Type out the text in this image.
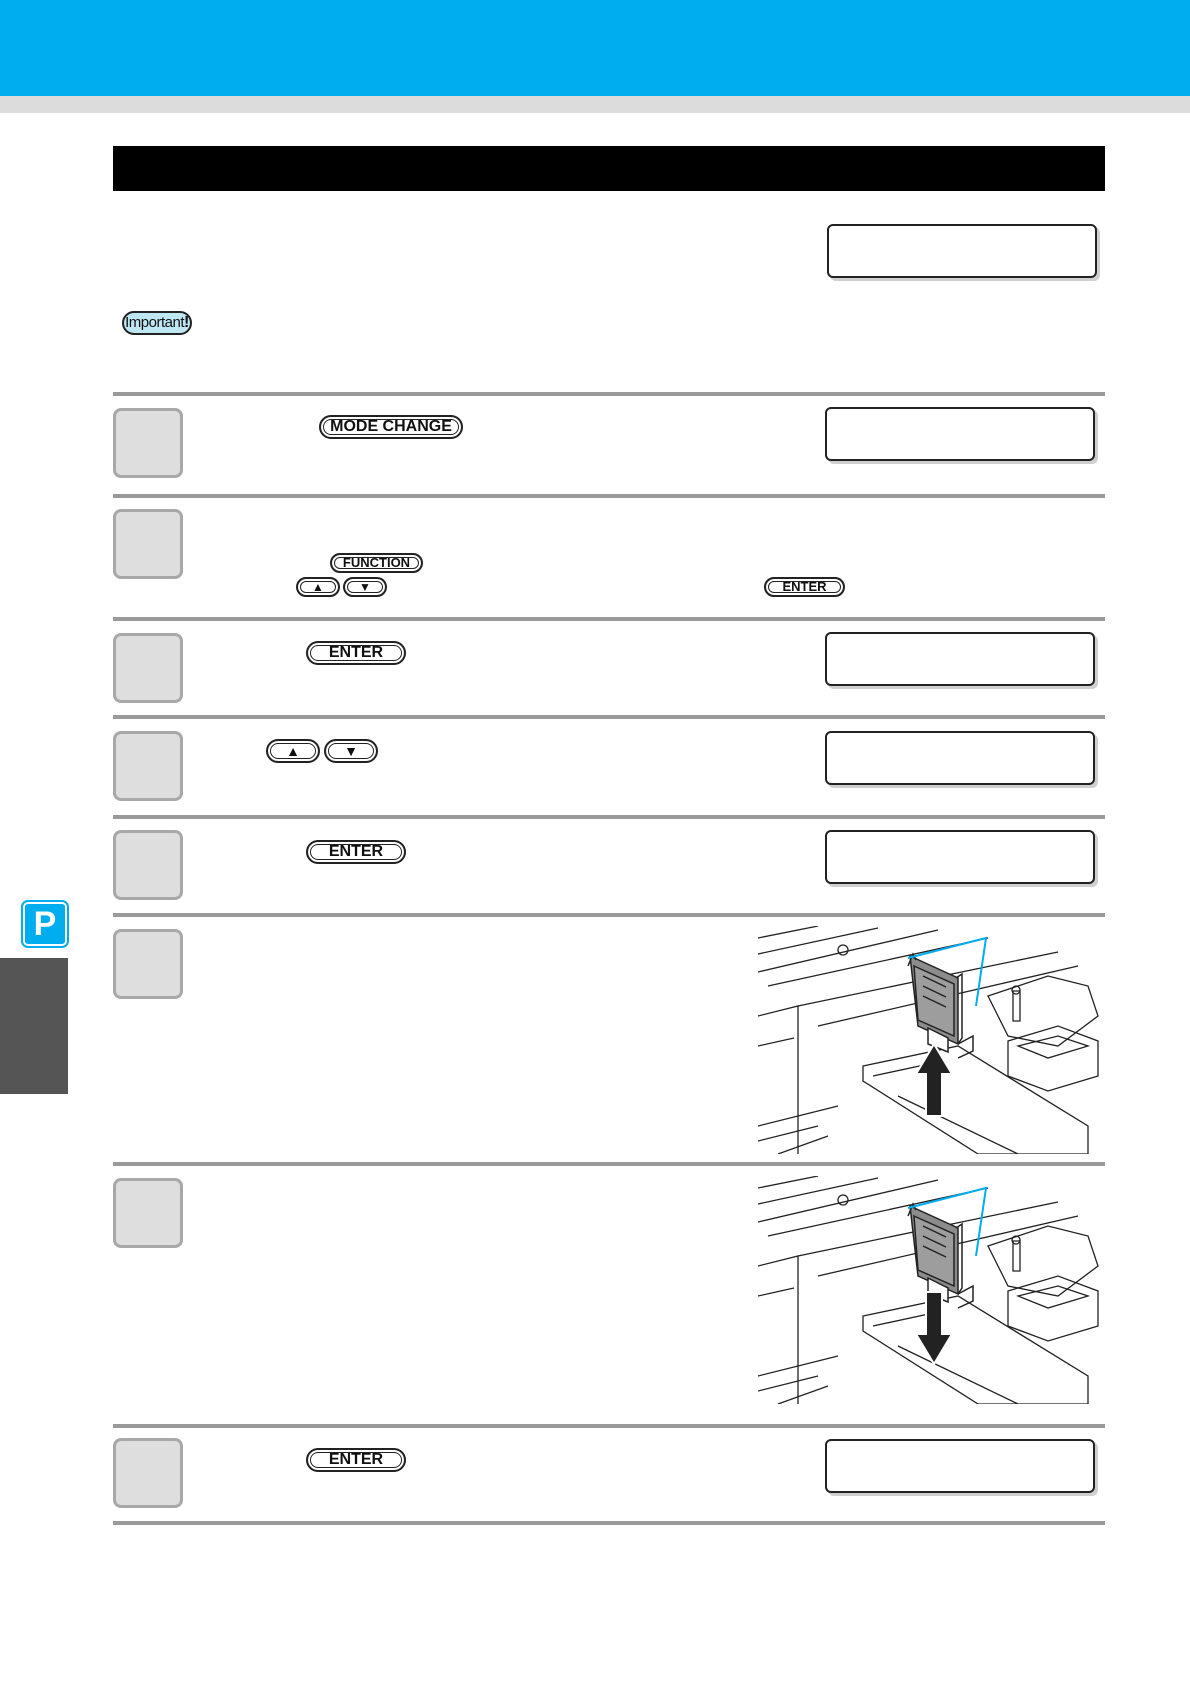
Important!
MODE CHANGE
FUNCTION
▲	▼	ENTER
ENTER
▲	▼
ENTER
ENTER
P
